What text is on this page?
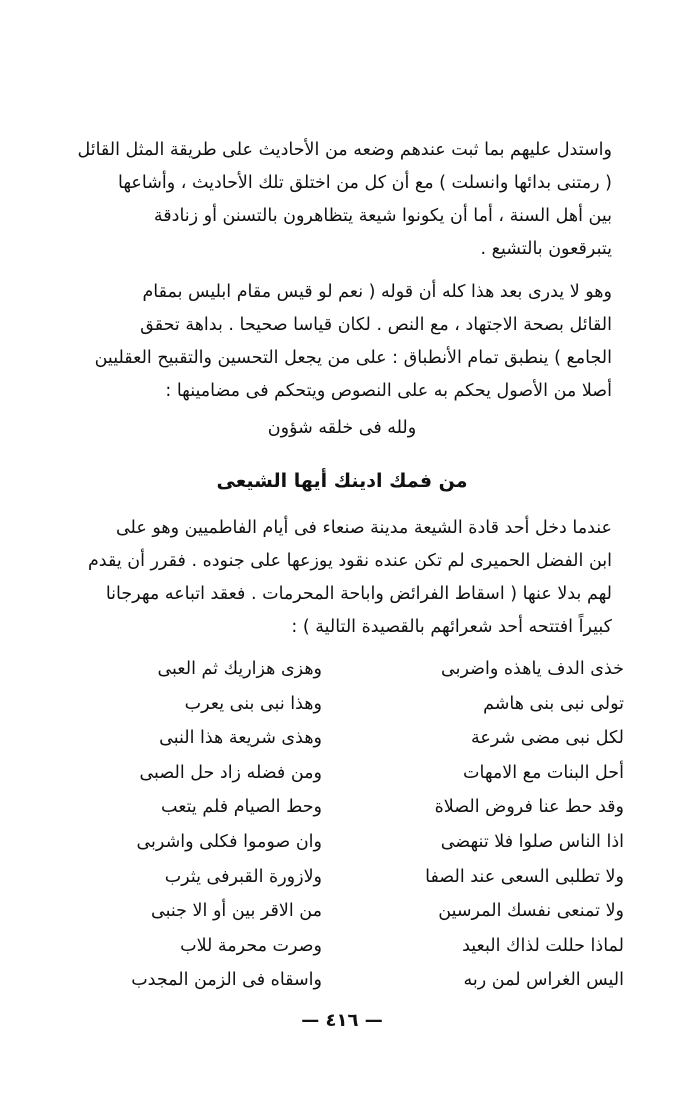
واستدل عليهم بما ثبت عندهم وضعه من الأحاديث على طريقة المثل القائل
( رمتنى بدائها وانسلت ) مع أن كل من اختلق تلك الأحاديث ، وأشاعها
بين أهل السنة ، أما أن يكونوا شيعة يتظاهرون بالتسنن أو زنادقة
يتبرقعون بالتشيع .
وهو لا يدرى بعد هذا كله أن قوله ( نعم لو قيس مقام ابليس بمقام
القائل بصحة الاجتهاد ، مع النص . لكان قياسا صحيحا . بداهة تحقق
الجامع ) ينطبق تمام الأنطباق : على من يجعل التحسين والتقبيح العقليين
أصلا من الأصول يحكم به على النصوص ويتحكم فى مضامينها :
ولله فى خلقه شؤون
من فمك ادينك أيها الشيعى
عندما دخل أحد قادة الشيعة مدينة صنعاء فى أيام الفاطميين وهو على
ابن الفضل الحميرى لم تكن عنده نقود يوزعها على جنوده . فقرر أن يقدم
لهم بدلا عنها ( اسقاط الفرائض واباحة المحرمات . فعقد اتباعه مهرجانا
كبيراً افتتحه أحد شعرائهم بالقصيدة التالية ) :
خذى الدف ياهذه واضربى
وهزى هزاريك ثم العبى
تولى نبى بنى هاشم
وهذا نبى بنى يعرب
لكل نبى مضى شرعة
وهذى شريعة هذا النبى
أحل البنات مع الامهات
ومن فضله زاد حل الصبى
وقد حط عنا فروض الصلاة
وحط الصيام فلم يتعب
اذا الناس صلوا فلا تنهضى
وان صوموا فكلى واشربى
ولا تطلبى السعى عند الصفا
ولازورة القبرفى يثرب
ولا تمنعى نفسك المرسين
من الاقر بين أو الا جنبى
لماذا حللت لذاك البعيد
وصرت محرمة للاب
اليس الغراس لمن ربه
واسقاه فى الزمن المجدب
— ٤١٦ —
